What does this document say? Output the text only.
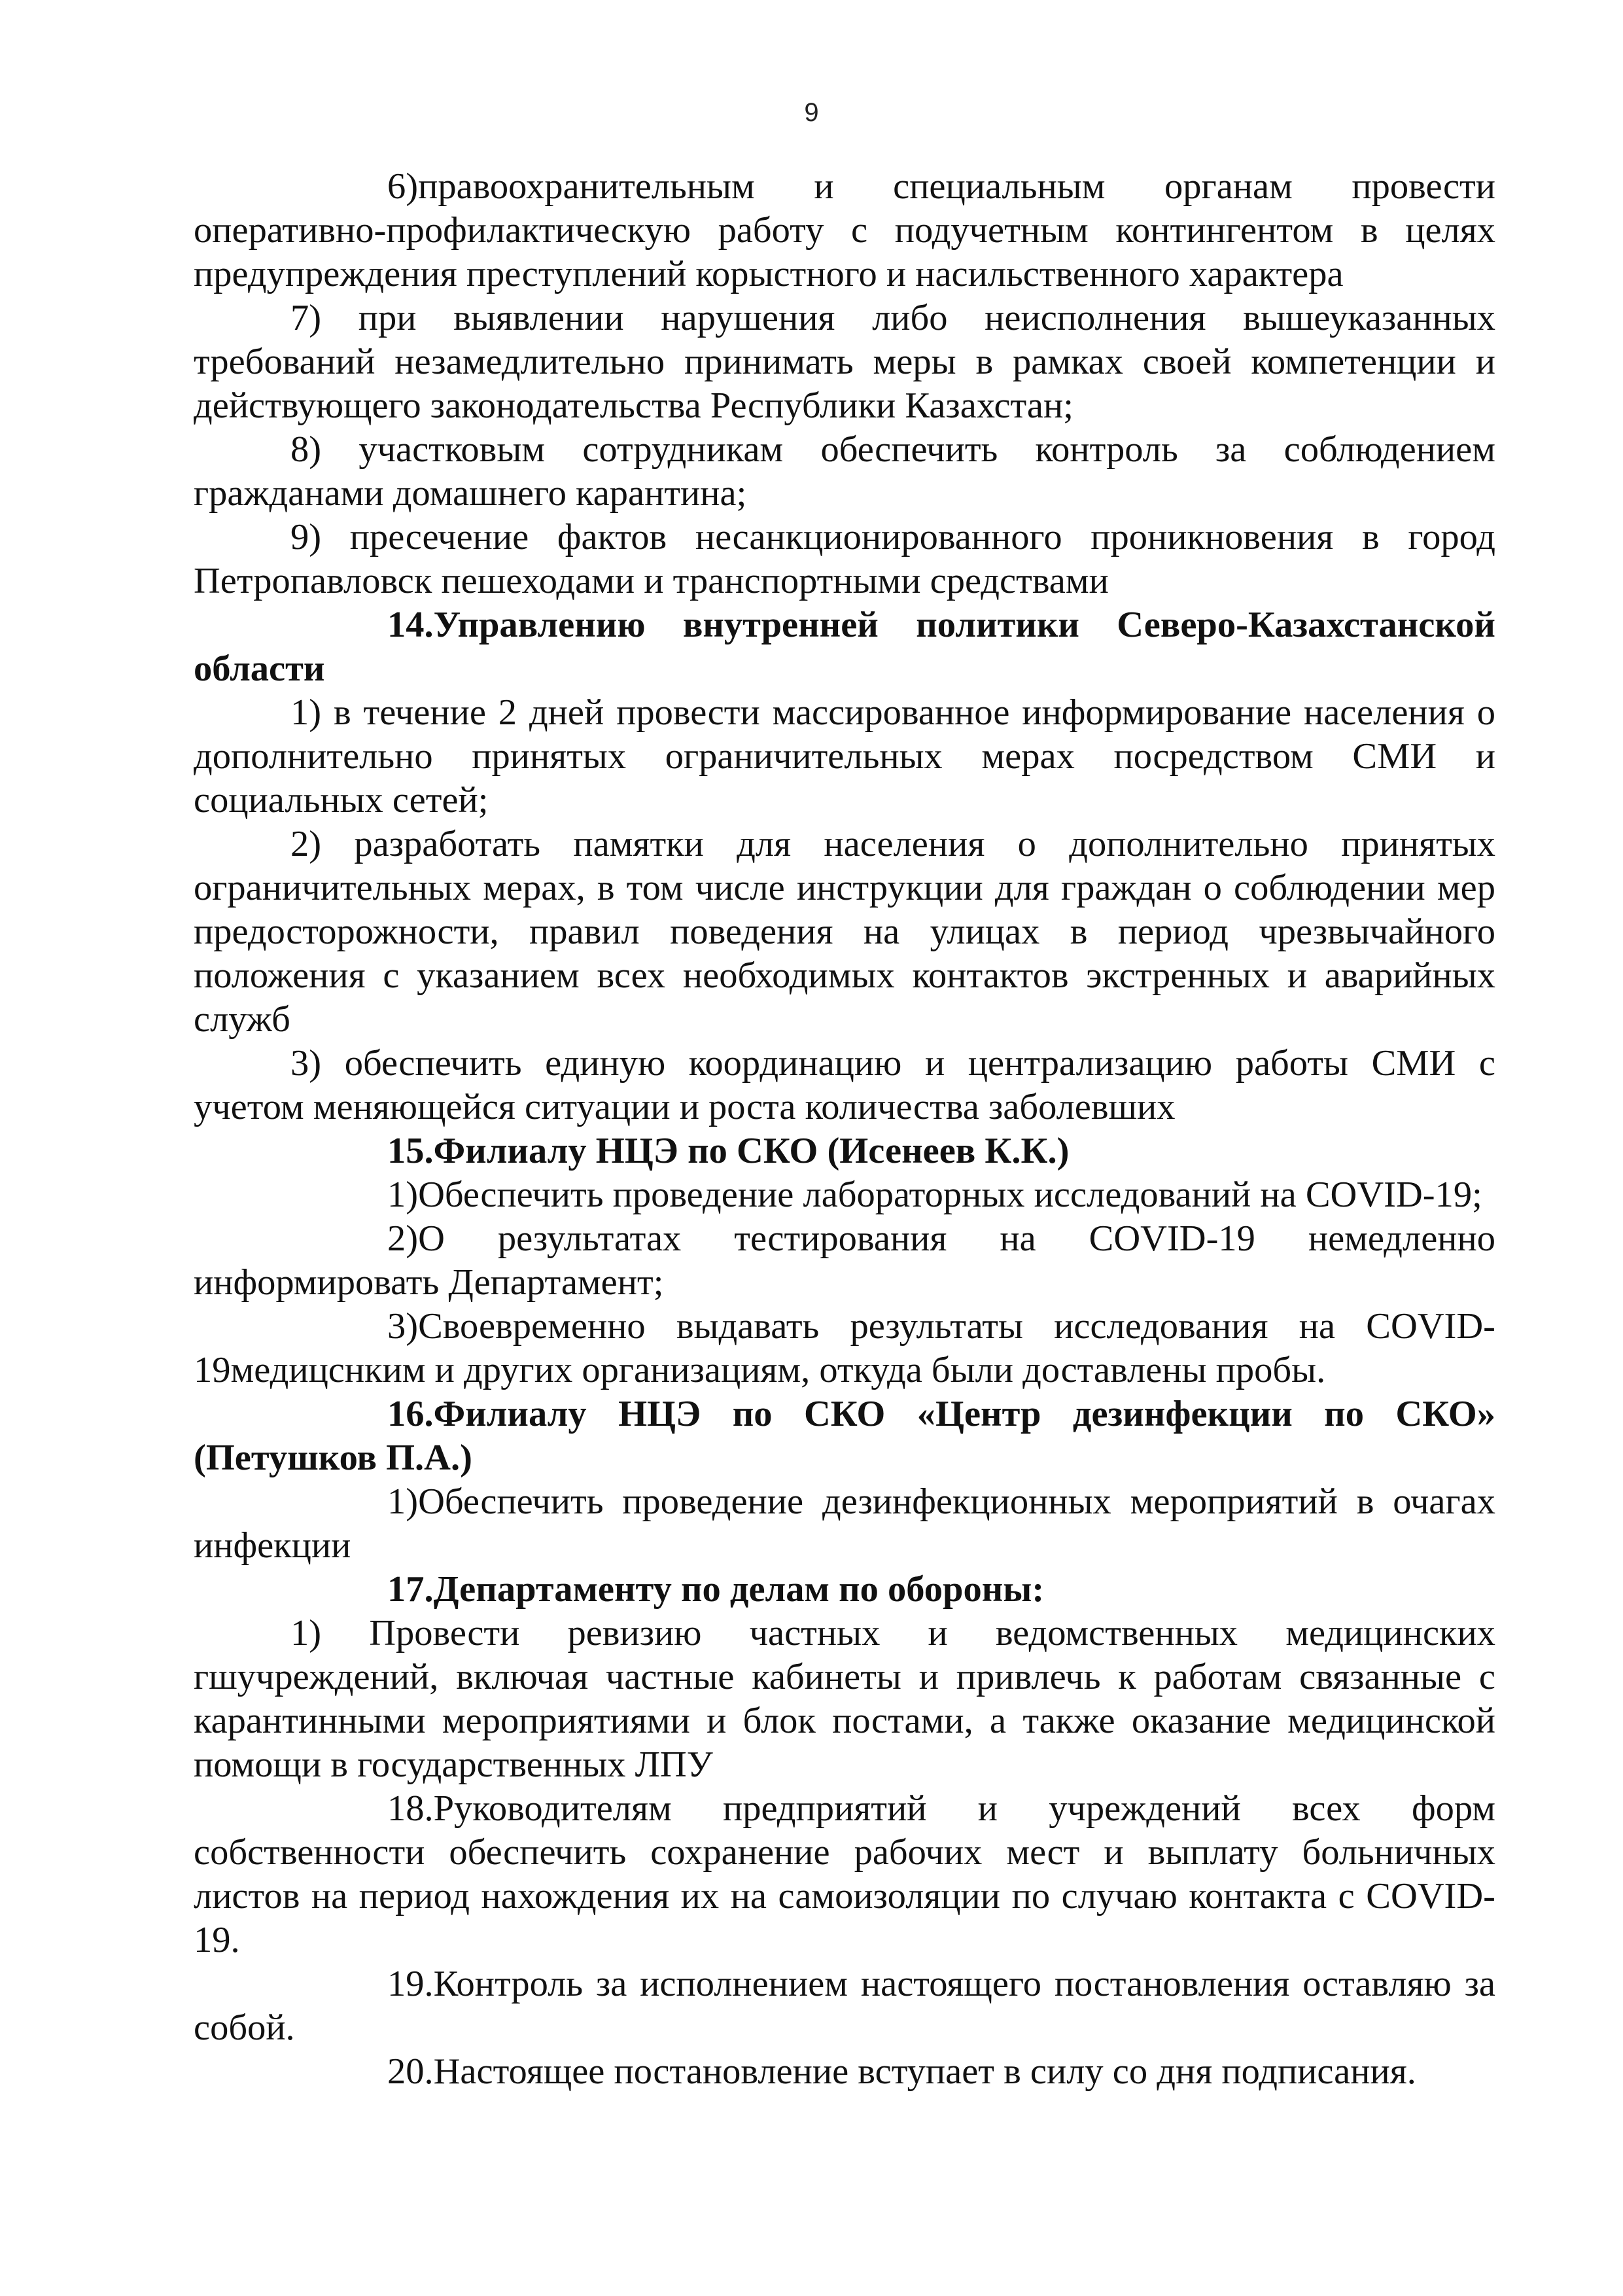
9

6)правоохранительным и специальным органам провести оперативно-профилактическую работу с подучетным контингентом в целях предупреждения преступлений корыстного и насильственного характера

7) при выявлении нарушения либо неисполнения вышеуказанных требований незамедлительно принимать меры в рамках своей компетенции и действующего законодательства Республики Казахстан;

8) участковым сотрудникам обеспечить контроль за соблюдением гражданами домашнего карантина;

9) пресечение фактов несанкционированного проникновения в город Петропавловск пешеходами и транспортными средствами

14.Управлению внутренней политики Северо-Казахстанской области

1) в течение 2 дней провести массированное информирование населения о дополнительно принятых ограничительных мерах посредством СМИ и социальных сетей;

2) разработать памятки для населения о дополнительно принятых ограничительных мерах, в том числе инструкции для граждан о соблюдении мер предосторожности, правил поведения на улицах в период чрезвычайного положения с указанием всех необходимых контактов экстренных и аварийных служб

3) обеспечить единую координацию и централизацию работы СМИ с учетом меняющейся ситуации и роста количества заболевших

15.Филиалу НЦЭ по СКО (Исенеев К.К.)

1)Обеспечить проведение лабораторных исследований на COVID-19;

2)О результатах тестирования на COVID-19 немедленно информировать Департамент;

3)Своевременно выдавать результаты исследования на COVID-19медицснким и других организациям, откуда были доставлены пробы.

16.Филиалу НЦЭ по СКО «Центр дезинфекции по СКО» (Петушков П.А.)

1)Обеспечить проведение дезинфекционных мероприятий в очагах инфекции

17.Департаменту по делам по обороны:

1) Провести ревизию частных и ведомственных медицинских гшучреждений, включая частные кабинеты и привлечь к работам связанные с карантинными мероприятиями и блок постами, а также оказание медицинской помощи в государственных ЛПУ

18.Руководителям предприятий и учреждений всех форм собственности обеспечить сохранение рабочих мест и выплату больничных листов на период нахождения их на самоизоляции по случаю контакта с COVID-19.

19.Контроль за исполнением настоящего постановления оставляю за собой.

20.Настоящее постановление вступает в силу со дня подписания.
